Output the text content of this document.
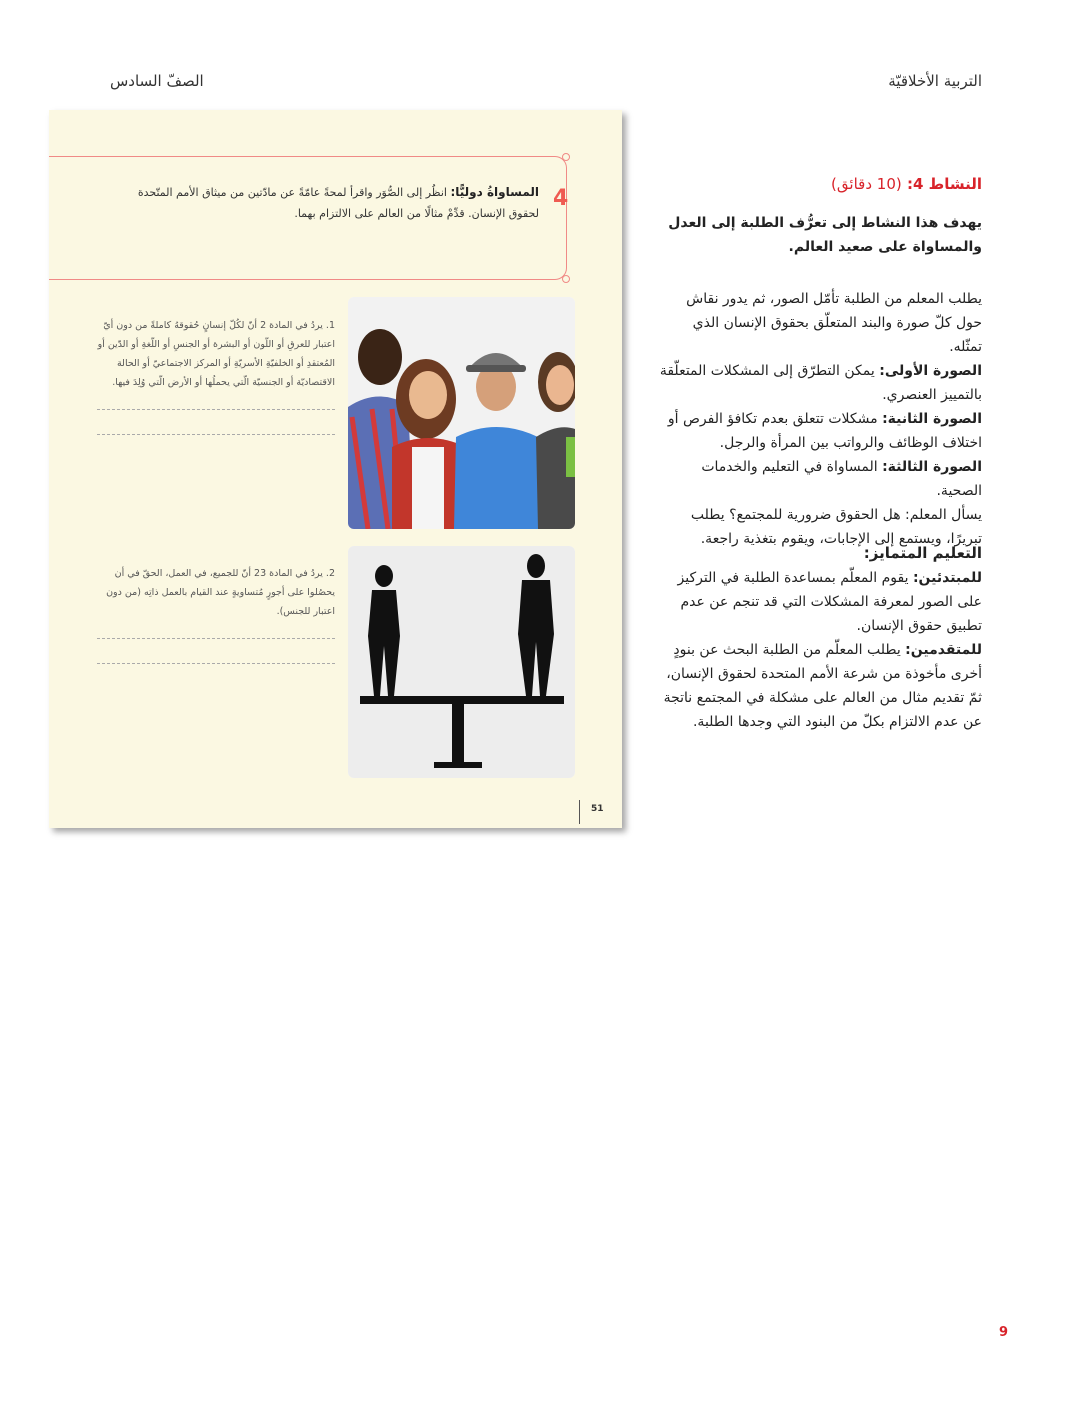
التربية الأخلاقيّة
الصفّ السادس
4
المساواةُ دوليًّا: انظُر إلى الصُّوَر واقرأ لمحةً عامّةً عن مادّتين من ميثاق الأمم المتّحدة لحقوق الإنسان. قدِّمْ مثالًا من العالم على الالتزام بهما.
1. يردُ في المادة 2 أنّ لكُلّ إنسانٍ حُقوقهُ كاملةً من دون أيّ اعتبار للعرقِ أو اللّون أو البشرة أو الجنسِ أو اللّغةِ أو الدّين أو المُعتقدِ أو الخلفيّةِ الأسريّةِ أو المركز الاجتماعيّ أو الحالة الاقتصاديّة أو الجنسيّة الّتي يحملُها أو الأرض الّتي وُلِدَ فيها.
2. يردُ في المادة 23 أنّ للجميع، في العمل، الحقّ في أن يحصُلوا على أجورٍ مُتساويةٍ عند القيام بالعمل ذاتِه (من دون اعتبار للجنس).
51
النشاط 4: (10 دقائق)
يهدف هذا النشاط إلى تعرُّف الطلبة إلى العدل والمساواة على صعيد العالم.

يطلب المعلم من الطلبة تأمّل الصور، ثم يدور نقاش حول كلّ صورة والبند المتعلّق بحقوق الإنسان الذي تمثّله.

الصورة الأولى: يمكن التطرّق إلى المشكلات المتعلّقة بالتمييز العنصري.

الصورة الثانية: مشكلات تتعلق بعدم تكافؤ الفرص أو اختلاف الوظائف والرواتب بين المرأة والرجل.

الصورة الثالثة: المساواة في التعليم والخدمات الصحية.

يسأل المعلم: هل الحقوق ضرورية للمجتمع؟ يطلب تبريرًا، ويستمع إلى الإجابات، ويقوم بتغذية راجعة.

التعليم المتمايز:

للمبتدئين: يقوم المعلّم بمساعدة الطلبة في التركيز على الصور لمعرفة المشكلات التي قد تنجم عن عدم تطبيق حقوق الإنسان.

للمتقدمين: يطلب المعلّم من الطلبة البحث عن بنودٍ أخرى مأخوذة من شرعة الأمم المتحدة لحقوق الإنسان، ثمّ تقديم مثال من العالم على مشكلة في المجتمع ناتجة عن عدم الالتزام بكلّ من البنود التي وجدها الطلبة.

9
